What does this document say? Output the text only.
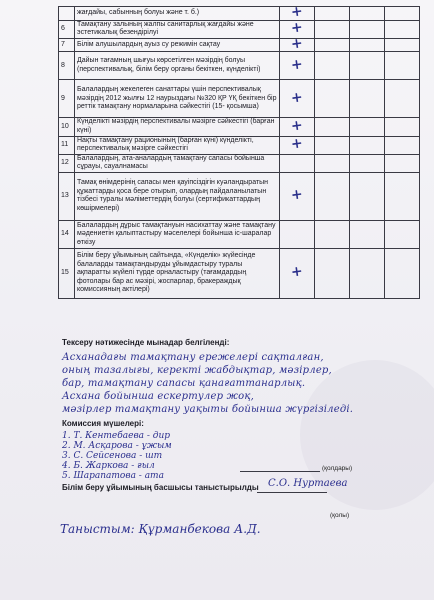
	жағдайы, сабынның болуы және т. б.)	+			
6	Тамақтану залының жалпы санитарлық жағдайы және эстетикалық безендірілуі	+			
7	Білім алушылардың ауыз су режимін сақтау	+			
8	Дайын тағамның шығуы көрсетілген мәзірдің болуы (перспективалық, білім беру органы бекіткен, күнделікті)	+			
9	Балалардың жекелеген санаттары үшін перспективалық мәзірдің 2012 жылғы 12 наурыздағы №320 ҚР ҮҚ бекіткен бір реттік тамақтану нормаларына сәйкестігі (15- қосымша)	+			
10	Күнделікті мәзірдің перспективалы мәзірге сәйкестігі (барған күні)	+			
11	Нақты тамақтану рационының (барған күні) күнделікті, перспективалық мәзірге сәйкестігі	+			
12	Балалардың, ата-аналардың тамақтану сапасы бойынша сұрауы, сауалнамасы				
13	Тамақ өнімдерінің сапасы мен қауіпсіздігін куәландыратын құжаттарды қоса бере отырып, олардың пайдаланылатын тізбесі туралы мәліметтердің болуы (сертификаттардың көшірмелері)	+			
14	Балалардың дұрыс тамақтануын насихаттау және тамақтану мәдениетін қалыптастыру мәселелері бойынша іс-шаралар өткізу				
15	Білім беру ұйымының сайтында, «Күнделік» жүйесінде балаларды тамақтандыруды ұйымдастыру туралы ақпаратты жүйелі түрде орналастыру (тағамдардың фотолары бар ас мәзірі, жоспарлар, бракераждық комиссияның актілері)	+			
Тексеру нәтижесінде мынадар белгіленді:
Асханадағы тамақтану ережелері сақталған,
оның тазалығы, керекті жабдықтар, мәзірлер,
бар, тамақтану сапасы қанағаттанарлық.
Асхана бойынша ескертулер жоқ,
мәзірлер тамақтану уақыты бойынша жүргізіледі.
Комиссия мүшелері:
1. Т. Кентебаева - дир
2. М. Асқарова - ұжым
3. С. Сейсенова - шт
4. Б. Жаркова - ғыл
5. Шарапатова - ата
(қолдары)
Білім беру ұйымының басшысы таныстырылды С.О. Нуртаева
(қолы)
Таныстым: Құрманбекова А.Д.
